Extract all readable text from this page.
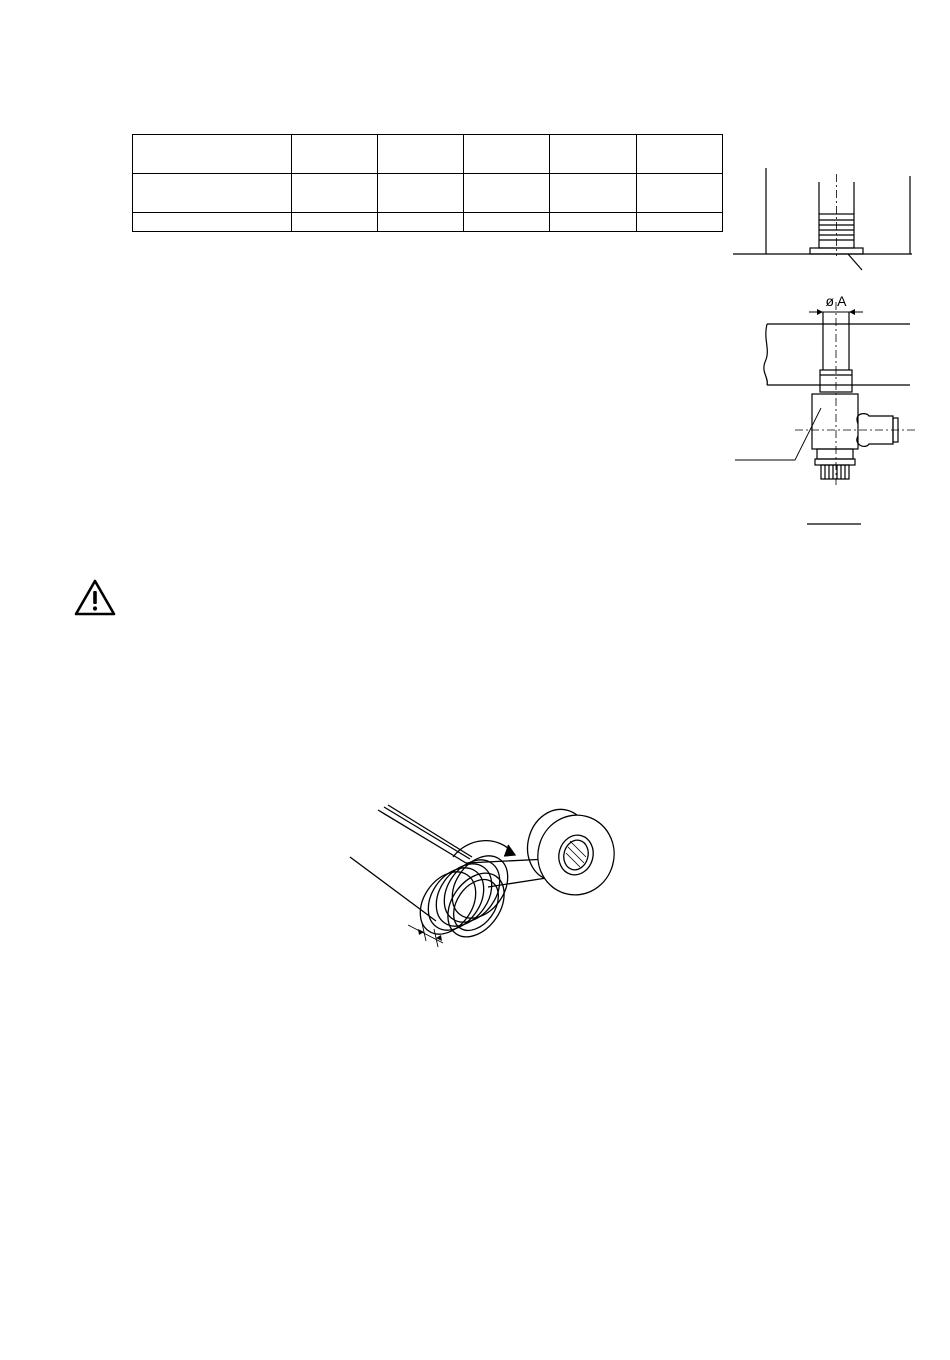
ø A
